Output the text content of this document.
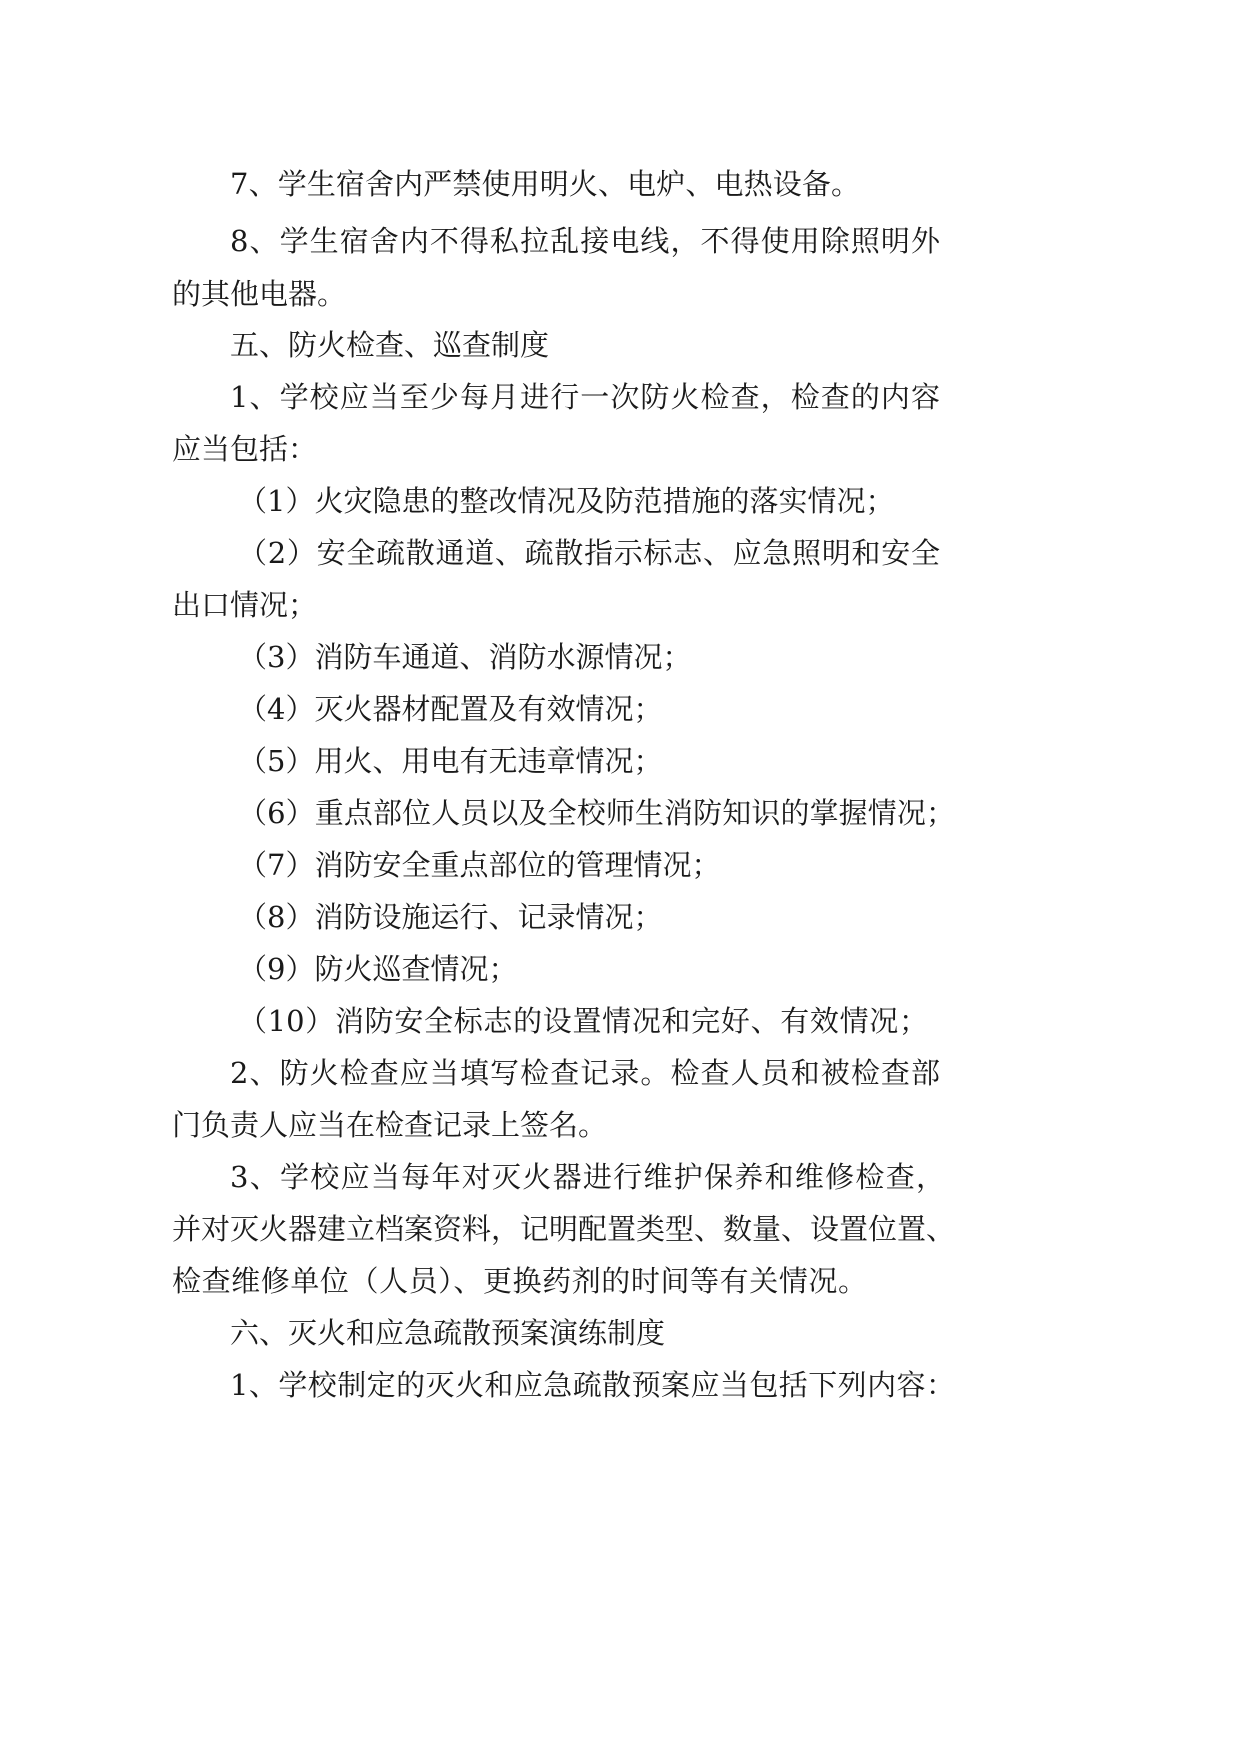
7、学生宿舍内严禁使用明火、电炉、电热设备。
8、学生宿舍内不得私拉乱接电线，不得使用除照明外
的其他电器。
五、防火检查、巡查制度
1、学校应当至少每月进行一次防火检查，检查的内容
应当包括：
（1）火灾隐患的整改情况及防范措施的落实情况；
（2）安全疏散通道、疏散指示标志、应急照明和安全
出口情况；
（3）消防车通道、消防水源情况；
（4）灭火器材配置及有效情况；
（5）用火、用电有无违章情况；
（6）重点部位人员以及全校师生消防知识的掌握情况；
（7）消防安全重点部位的管理情况；
（8）消防设施运行、记录情况；
（9）防火巡查情况；
（10）消防安全标志的设置情况和完好、有效情况；
2、防火检查应当填写检查记录。检查人员和被检查部
门负责人应当在检查记录上签名。
3、学校应当每年对灭火器进行维护保养和维修检查，
并对灭火器建立档案资料，记明配置类型、数量、设置位置、
检查维修单位（人员）、更换药剂的时间等有关情况。
六、灭火和应急疏散预案演练制度
1、学校制定的灭火和应急疏散预案应当包括下列内容：
